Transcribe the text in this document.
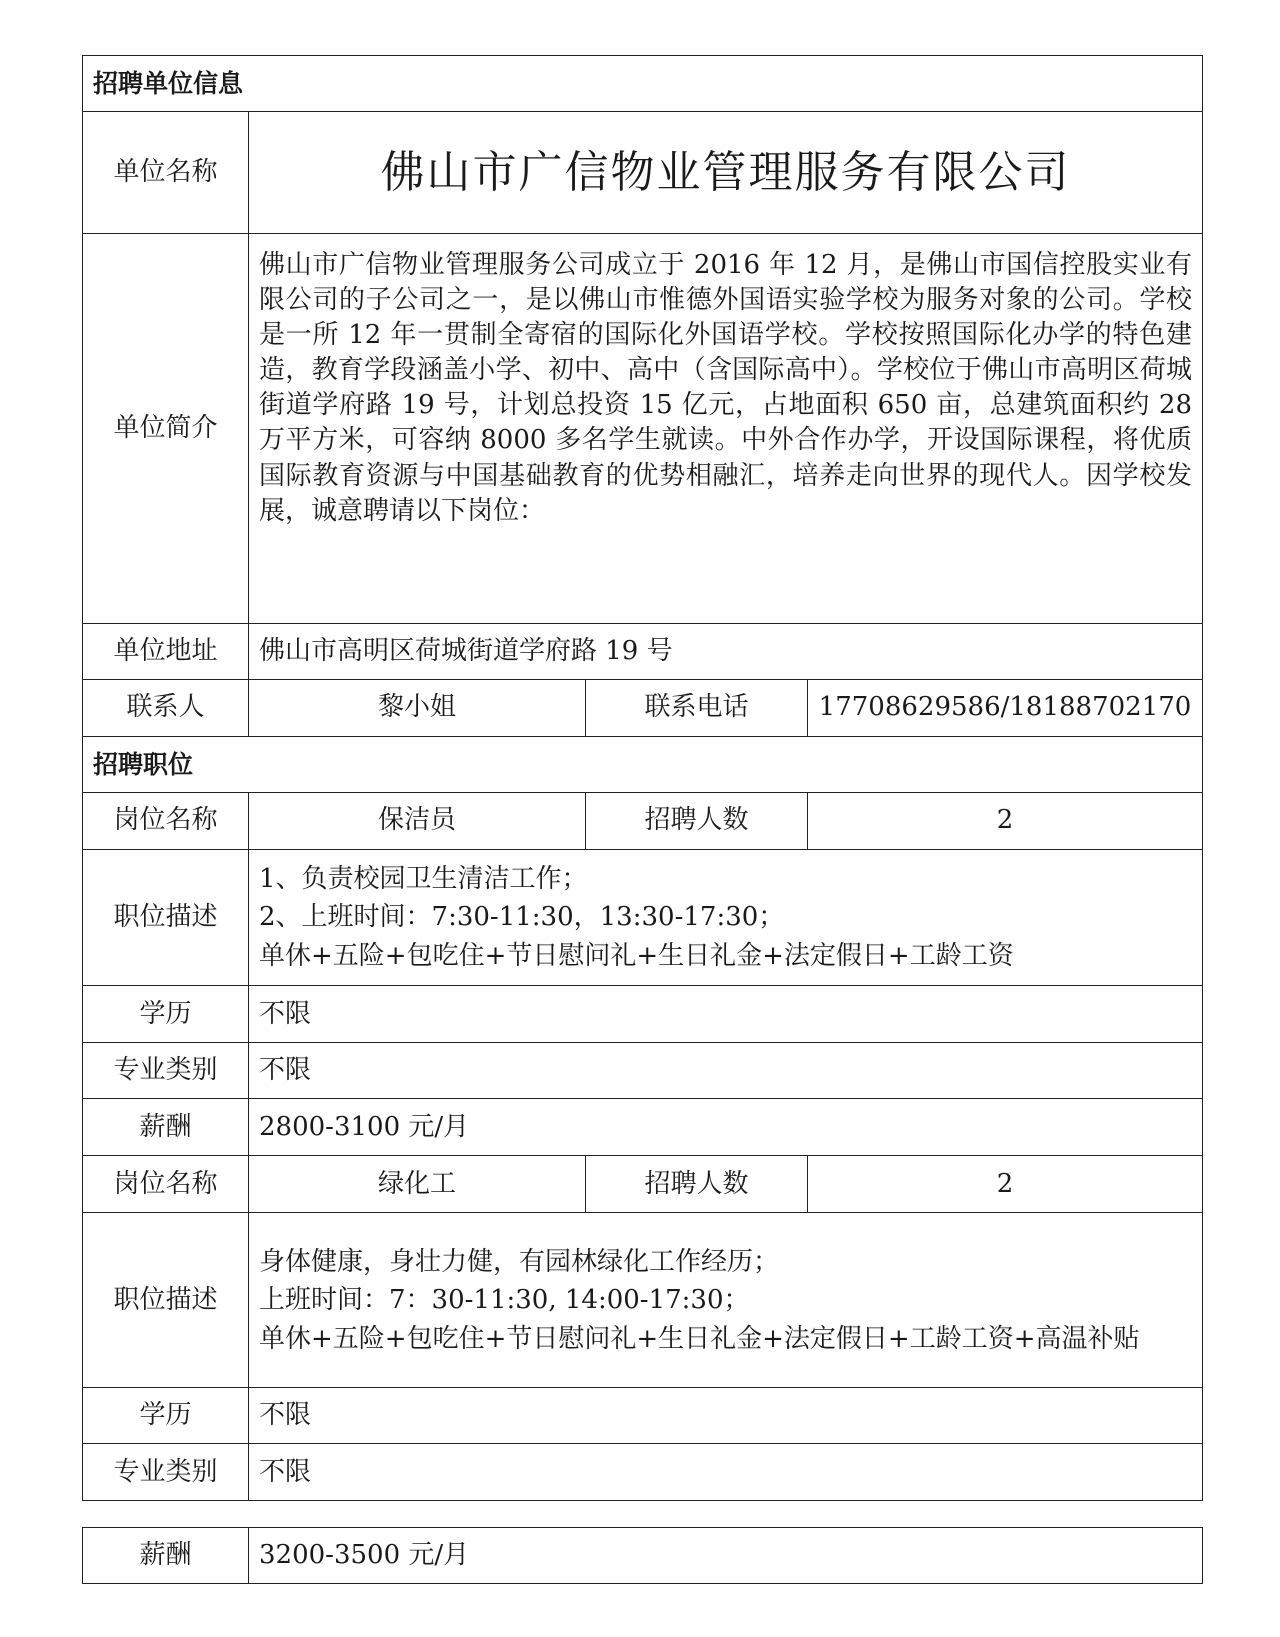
招聘单位信息			
单位名称	佛山市广信物业管理服务有限公司		
单位简介	佛山市广信物业管理服务公司成立于 2016 年 12 月，是佛山市国信控股实业有限公司的子公司之一，是以佛山市惟德外国语实验学校为服务对象的公司。学校是一所 12 年一贯制全寄宿的国际化外国语学校。学校按照国际化办学的特色建造，教育学段涵盖小学、初中、高中（含国际高中）。学校位于佛山市高明区荷城街道学府路 19 号，计划总投资 15 亿元，占地面积 650 亩，总建筑面积约 28 万平方米，可容纳 8000 多名学生就读。中外合作办学，开设国际课程，将优质国际教育资源与中国基础教育的优势相融汇，培养走向世界的现代人。因学校发展，诚意聘请以下岗位：		
单位地址	佛山市高明区荷城街道学府路 19 号		
联系人	黎小姐	联系电话	17708629586/18188702170
招聘职位			
岗位名称	保洁员	招聘人数	2
职位描述	1、负责校园卫生清洁工作；
2、上班时间：7:30-11:30，13:30-17:30；
单休+五险+包吃住+节日慰问礼+生日礼金+法定假日+工龄工资		

学历	不限		
专业类别	不限		
薪酬	2800-3100 元/月		
岗位名称	绿化工	招聘人数	2
职位描述	身体健康，身壮力健，有园林绿化工作经历；
上班时间：7：30-11:30, 14:00-17:30；
单休+五险+包吃住+节日慰问礼+生日礼金+法定假日+工龄工资+高温补贴		

学历	不限		
专业类别	不限		
薪酬	3200-3500 元/月
